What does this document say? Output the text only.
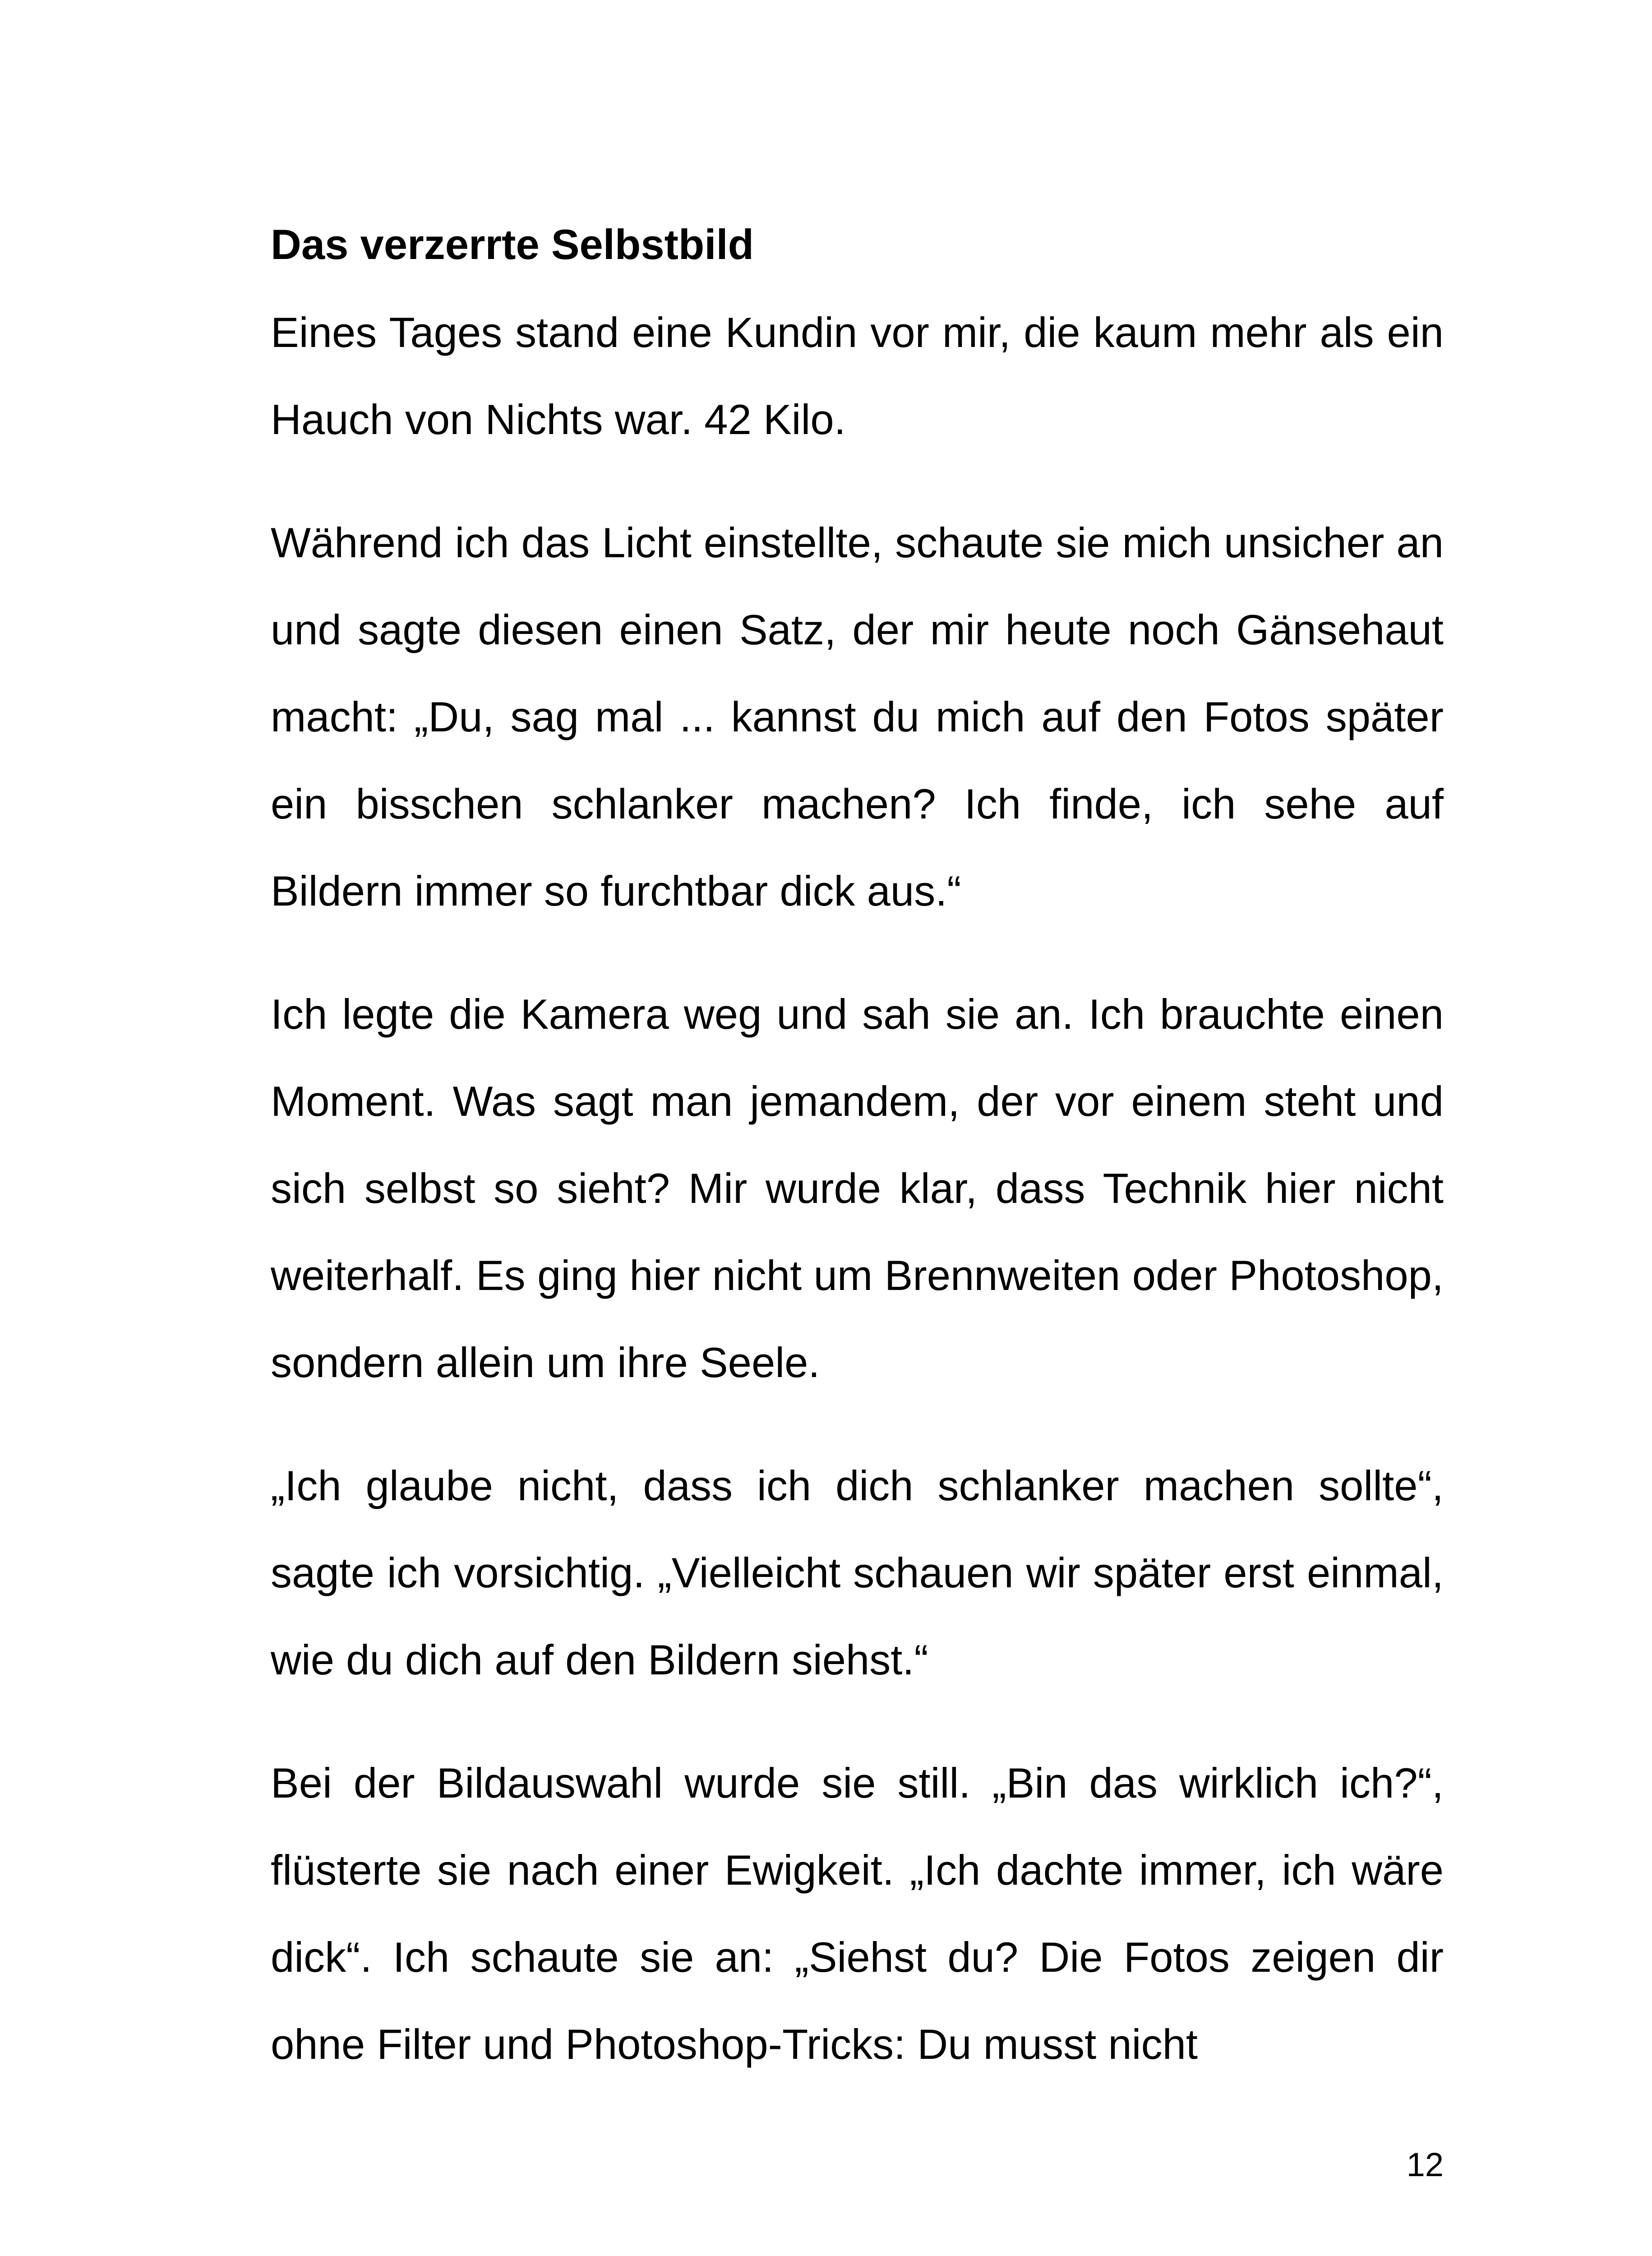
Das verzerrte Selbstbild

Eines Tages stand eine Kundin vor mir, die kaum mehr als ein Hauch von Nichts war. 42 Kilo.

Während ich das Licht einstellte, schaute sie mich unsicher an und sagte diesen einen Satz, der mir heute noch Gänsehaut macht: „Du, sag mal ... kannst du mich auf den Fotos später ein bisschen schlanker machen? Ich finde, ich sehe auf Bildern immer so furchtbar dick aus.“

Ich legte die Kamera weg und sah sie an. Ich brauchte einen Moment. Was sagt man jemandem, der vor einem steht und sich selbst so sieht? Mir wurde klar, dass Technik hier nicht weiterhalf. Es ging hier nicht um Brennweiten oder Photoshop, sondern allein um ihre Seele.

„Ich glaube nicht, dass ich dich schlanker machen sollte“, sagte ich vorsichtig. „Vielleicht schauen wir später erst einmal, wie du dich auf den Bildern siehst.“

Bei der Bildauswahl wurde sie still. „Bin das wirklich ich?“, flüsterte sie nach einer Ewigkeit. „Ich dachte immer, ich wäre dick“. Ich schaute sie an: „Siehst du? Die Fotos zeigen dir ohne Filter und Photoshop-Tricks: Du musst nicht

12
